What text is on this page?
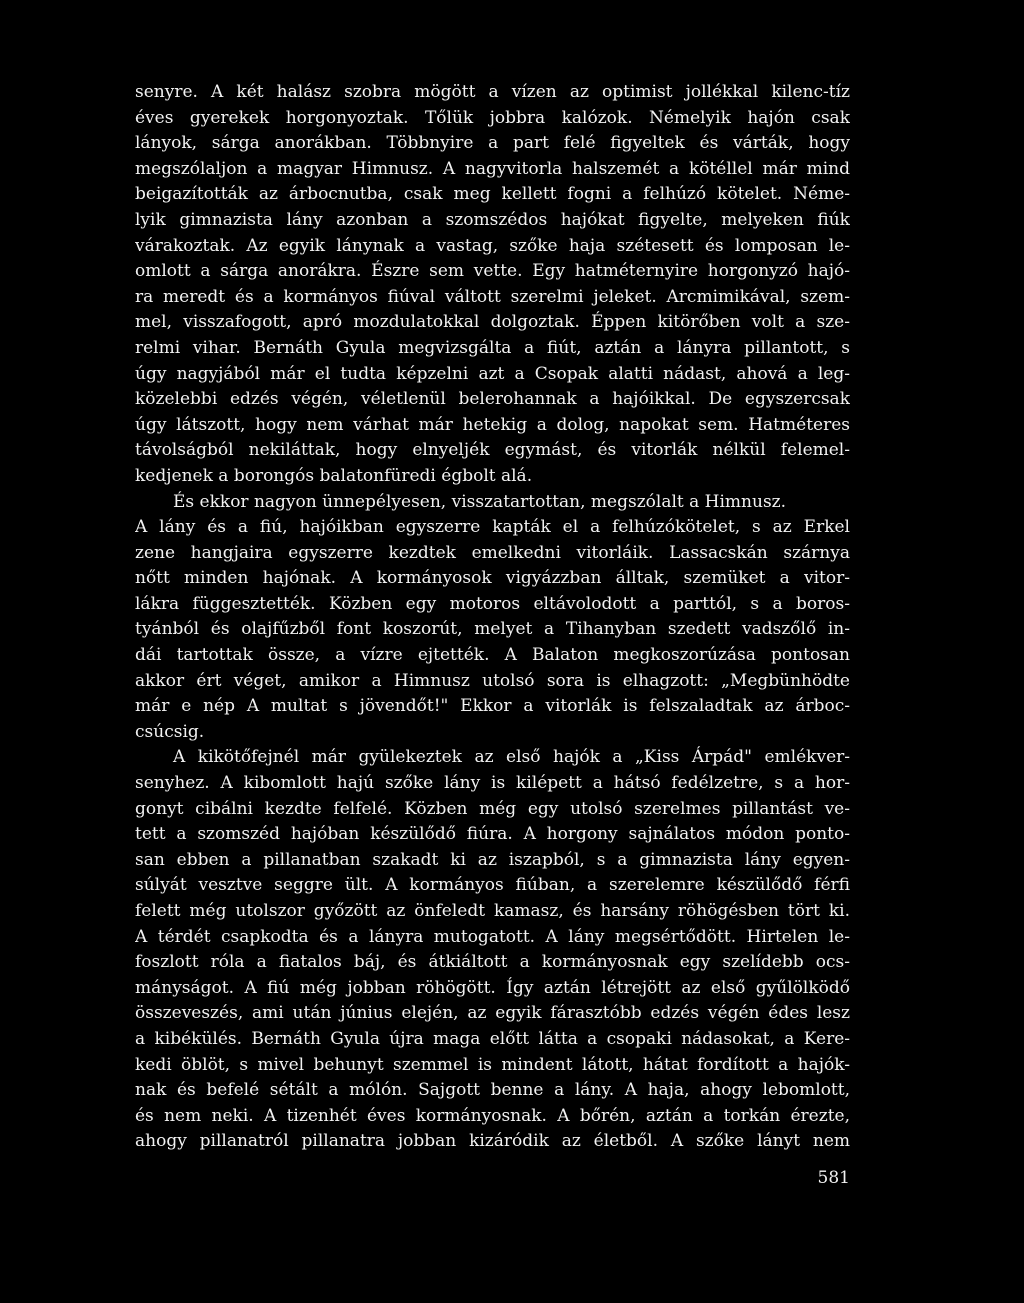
senyre. A két halász szobra mögött a vízen az optimist jollékkal kilenc-tíz
éves gyerekek horgonyoztak. Tőlük jobbra kalózok. Némelyik hajón csak
lányok, sárga anorákban. Többnyire a part felé figyeltek és várták, hogy
megszólaljon a magyar Himnusz. A nagyvitorla halszemét a kötéllel már mind
beigazították az árbocnutba, csak meg kellett fogni a felhúzó kötelet. Néme-
lyik gimnazista lány azonban a szomszédos hajókat figyelte, melyeken fiúk
várakoztak. Az egyik lánynak a vastag, szőke haja szétesett és lomposan le-
omlott a sárga anorákra. Észre sem vette. Egy hatméternyire horgonyzó hajó-
ra meredt és a kormányos fiúval váltott szerelmi jeleket. Arcmimikával, szem-
mel, visszafogott, apró mozdulatokkal dolgoztak. Éppen kitörőben volt a sze-
relmi vihar. Bernáth Gyula megvizsgálta a fiút, aztán a lányra pillantott, s
úgy nagyjából már el tudta képzelni azt a Csopak alatti nádast, ahová a leg-
közelebbi edzés végén, véletlenül belerohannak a hajóikkal. De egyszercsak
úgy látszott, hogy nem várhat már hetekig a dolog, napokat sem. Hatméteres
távolságból nekiláttak, hogy elnyeljék egymást, és vitorlák nélkül felemel-
kedjenek a borongós balatonfüredi égbolt alá.
És ekkor nagyon ünnepélyesen, visszatartottan, megszólalt a Himnusz.
A lány és a fiú, hajóikban egyszerre kapták el a felhúzókötelet, s az Erkel
zene hangjaira egyszerre kezdtek emelkedni vitorláik. Lassacskán szárnya
nőtt minden hajónak. A kormányosok vigyázzban álltak, szemüket a vitor-
lákra függesztették. Közben egy motoros eltávolodott a parttól, s a boros-
tyánból és olajfűzből font koszorút, melyet a Tihanyban szedett vadszőlő in-
dái tartottak össze, a vízre ejtették. A Balaton megkoszorúzása pontosan
akkor ért véget, amikor a Himnusz utolsó sora is elhagzott: „Megbünhödte
már e nép A multat s jövendőt!" Ekkor a vitorlák is felszaladtak az árboc-
csúcsig.
A kikötőfejnél már gyülekeztek az első hajók a „Kiss Árpád" emlékver-
senyhez. A kibomlott hajú szőke lány is kilépett a hátsó fedélzetre, s a hor-
gonyt cibálni kezdte felfelé. Közben még egy utolsó szerelmes pillantást ve-
tett a szomszéd hajóban készülődő fiúra. A horgony sajnálatos módon ponto-
san ebben a pillanatban szakadt ki az iszapból, s a gimnazista lány egyen-
súlyát vesztve seggre ült. A kormányos fiúban, a szerelemre készülődő férfi
felett még utolszor győzött az önfeledt kamasz, és harsány röhögésben tört ki.
A térdét csapkodta és a lányra mutogatott. A lány megsértődött. Hirtelen le-
foszlott róla a fiatalos báj, és átkiáltott a kormányosnak egy szelídebb ocs-
mányságot. A fiú még jobban röhögött. Így aztán létrejött az első gyűlölködő
összeveszés, ami után június elején, az egyik fárasztóbb edzés végén édes lesz
a kibékülés. Bernáth Gyula újra maga előtt látta a csopaki nádasokat, a Kere-
kedi öblöt, s mivel behunyt szemmel is mindent látott, hátat fordított a hajók-
nak és befelé sétált a mólón. Sajgott benne a lány. A haja, ahogy lebomlott,
és nem neki. A tizenhét éves kormányosnak. A bőrén, aztán a torkán érezte,
ahogy pillanatról pillanatra jobban kizáródik az életből. A szőke lányt nem
581
